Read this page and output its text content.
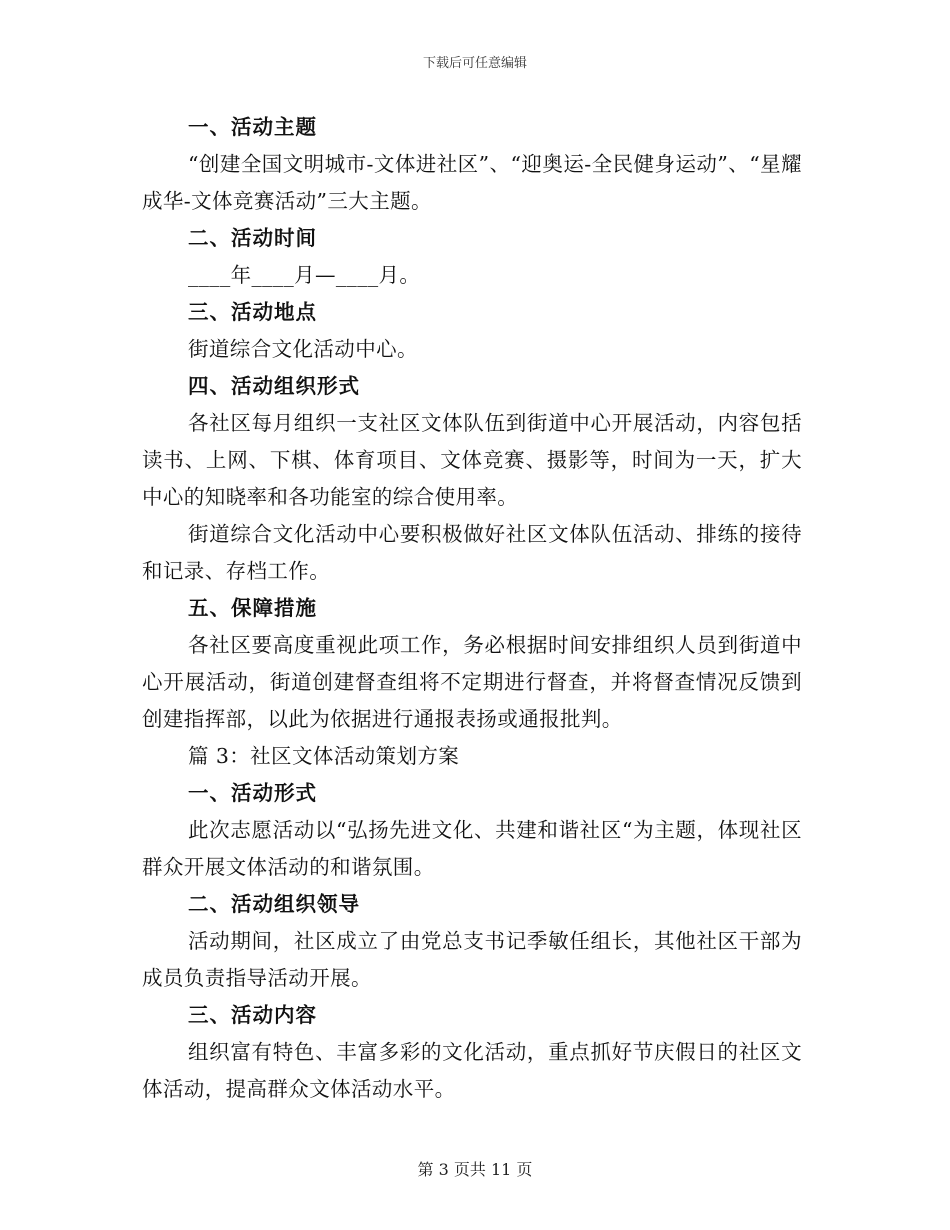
下载后可任意编辑
一、活动主题
“创建全国文明城市-文体进社区”、“迎奥运-全民健身运动”、“星耀成华-文体竞赛活动”三大主题。
二、活动时间
____年____月—____月。
三、活动地点
街道综合文化活动中心。
四、活动组织形式
各社区每月组织一支社区文体队伍到街道中心开展活动，内容包括读书、上网、下棋、体育项目、文体竞赛、摄影等，时间为一天，扩大中心的知晓率和各功能室的综合使用率。
街道综合文化活动中心要积极做好社区文体队伍活动、排练的接待和记录、存档工作。
五、保障措施
各社区要高度重视此项工作，务必根据时间安排组织人员到街道中心开展活动，街道创建督查组将不定期进行督查，并将督查情况反馈到创建指挥部，以此为依据进行通报表扬或通报批判。
篇 3：社区文体活动策划方案
一、活动形式
此次志愿活动以“弘扬先进文化、共建和谐社区“为主题，体现社区群众开展文体活动的和谐氛围。
二、活动组织领导
活动期间，社区成立了由党总支书记季敏任组长，其他社区干部为成员负责指导活动开展。
三、活动内容
组织富有特色、丰富多彩的文化活动，重点抓好节庆假日的社区文体活动，提高群众文体活动水平。
第 3 页共 11 页
